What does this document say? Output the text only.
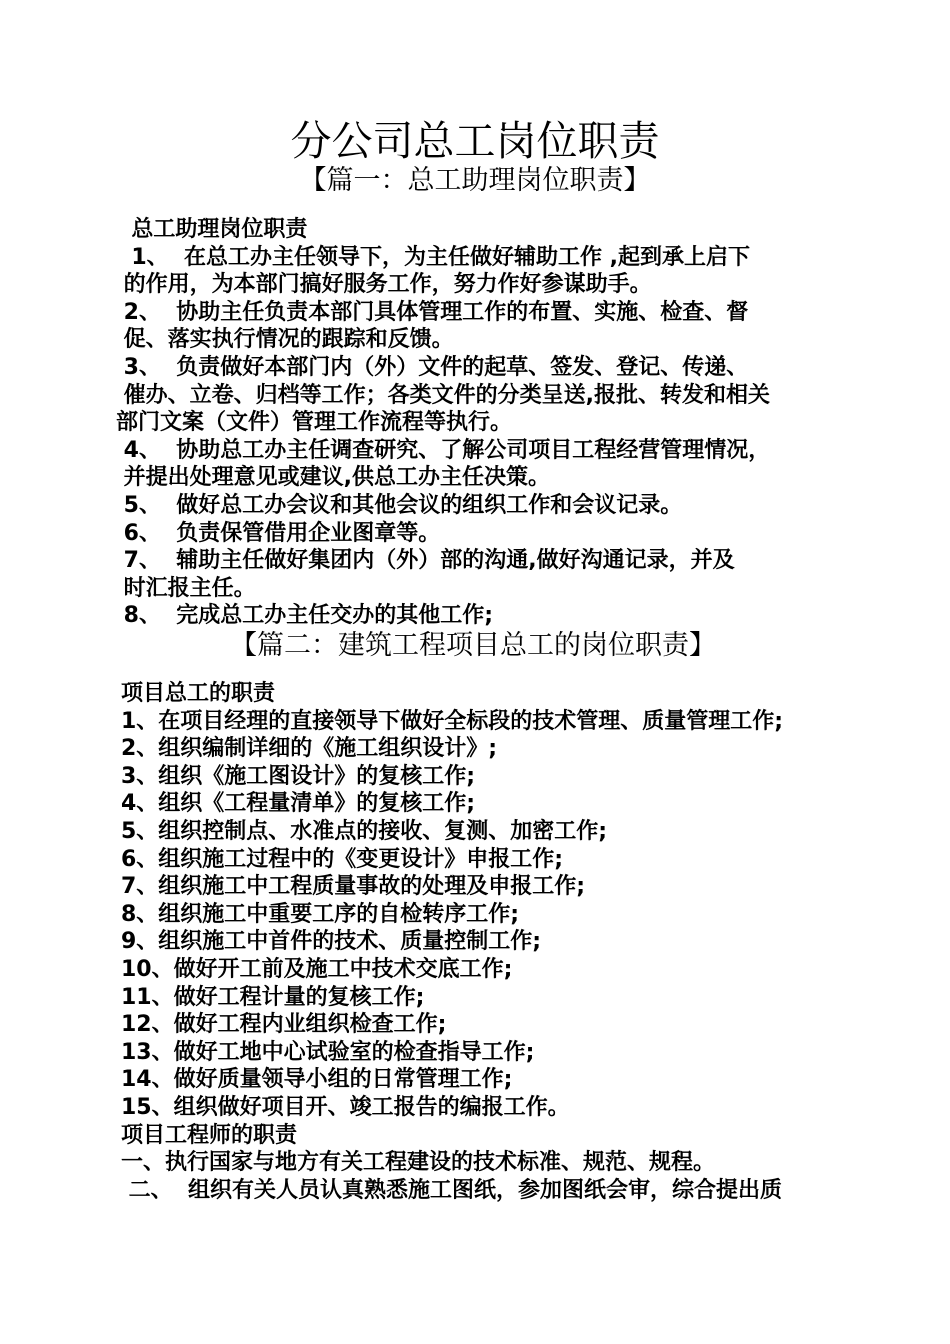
分公司总工岗位职责
【篇一：总工助理岗位职责】
总工助理岗位职责
1、  在总工办主任领导下，为主任做好辅助工作 ,起到承上启下
的作用，为本部门搞好服务工作，努力作好参谋助手。
2、  协助主任负责本部门具体管理工作的布置、实施、检查、督
促、落实执行情况的跟踪和反馈。
3、  负责做好本部门内（外）文件的起草、签发、登记、传递、
催办、立卷、归档等工作；各类文件的分类呈送,报批、转发和相关
部门文案（文件）管理工作流程等执行。
4、  协助总工办主任调查研究、了解公司项目工程经营管理情况，
并提出处理意见或建议,供总工办主任决策。
5、  做好总工办会议和其他会议的组织工作和会议记录。
6、  负责保管借用企业图章等。
7、  辅助主任做好集团内（外）部的沟通,做好沟通记录，并及
时汇报主任。
8、  完成总工办主任交办的其他工作;
【篇二：建筑工程项目总工的岗位职责】
项目总工的职责
1、在项目经理的直接领导下做好全标段的技术管理、质量管理工作;
2、组织编制详细的《施工组织设计》;
3、组织《施工图设计》的复核工作;
4、组织《工程量清单》的复核工作;
5、组织控制点、水准点的接收、复测、加密工作;
6、组织施工过程中的《变更设计》申报工作;
7、组织施工中工程质量事故的处理及申报工作;
8、组织施工中重要工序的自检转序工作;
9、组织施工中首件的技术、质量控制工作;
10、做好开工前及施工中技术交底工作;
11、做好工程计量的复核工作;
12、做好工程内业组织检查工作;
13、做好工地中心试验室的检查指导工作;
14、做好质量领导小组的日常管理工作;
15、组织做好项目开、竣工报告的编报工作。
项目工程师的职责
一、执行国家与地方有关工程建设的技术标准、规范、规程。
二、  组织有关人员认真熟悉施工图纸，参加图纸会审，综合提出质
